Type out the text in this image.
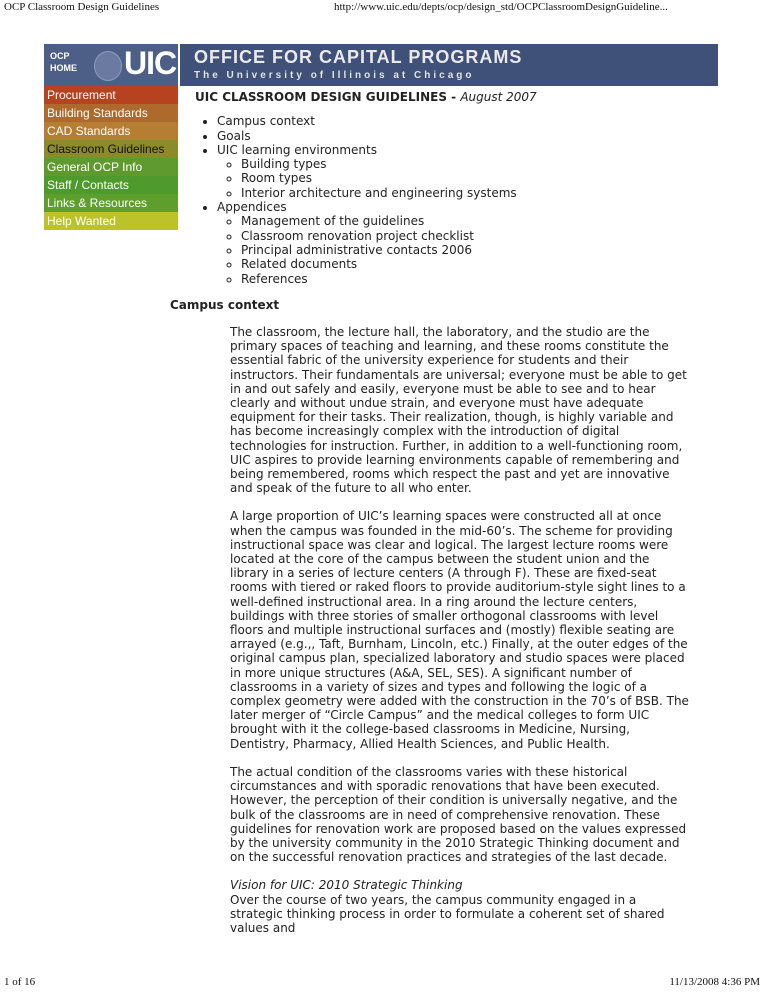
OCP Classroom Design Guidelines	http://www.uic.edu/depts/ocp/design_std/OCPClassroomDesignGuideline...
OCP
HOME UIC OFFICE FOR CAPITAL PROGRAMS
The University of Illinois at Chicago
Procurement
Building Standards
CAD Standards
Classroom Guidelines
General OCP Info
Staff / Contacts
Links & Resources
Help Wanted
UIC CLASSROOM DESIGN GUIDELINES - August 2007
• Campus context
• Goals
• UIC learning environments
◦ Building types
◦ Room types
◦ Interior architecture and engineering systems
• Appendices
◦ Management of the guidelines
◦ Classroom renovation project checklist
◦ Principal administrative contacts 2006
◦ Related documents
◦ References
Campus context

The classroom, the lecture hall, the laboratory, and the studio are the primary spaces of teaching and learning, and these rooms constitute the essential fabric of the university experience for students and their instructors. Their fundamentals are universal; everyone must be able to get in and out safely and easily, everyone must be able to see and to hear clearly and without undue strain, and everyone must have adequate equipment for their tasks. Their realization, though, is highly variable and has become increasingly complex with the introduction of digital technologies for instruction. Further, in addition to a well-functioning room, UIC aspires to provide learning environments capable of remembering and being remembered, rooms which respect the past and yet are innovative and speak of the future to all who enter.

A large proportion of UIC’s learning spaces were constructed all at once when the campus was founded in the mid-60’s. The scheme for providing instructional space was clear and logical. The largest lecture rooms were located at the core of the campus between the student union and the library in a series of lecture centers (A through F). These are fixed-seat rooms with tiered or raked floors to provide auditorium-style sight lines to a well-defined instructional area. In a ring around the lecture centers, buildings with three stories of smaller orthogonal classrooms with level floors and multiple instructional surfaces and (mostly) flexible seating are arrayed (e.g.,, Taft, Burnham, Lincoln, etc.) Finally, at the outer edges of the original campus plan, specialized laboratory and studio spaces were placed in more unique structures (A&A, SEL, SES). A significant number of classrooms in a variety of sizes and types and following the logic of a complex geometry were added with the construction in the 70’s of BSB. The later merger of “Circle Campus” and the medical colleges to form UIC brought with it the college-based classrooms in Medicine, Nursing, Dentistry, Pharmacy, Allied Health Sciences, and Public Health.

The actual condition of the classrooms varies with these historical circumstances and with sporadic renovations that have been executed. However, the perception of their condition is universally negative, and the bulk of the classrooms are in need of comprehensive renovation. These guidelines for renovation work are proposed based on the values expressed by the university community in the 2010 Strategic Thinking document and on the successful renovation practices and strategies of the last decade.

Vision for UIC: 2010 Strategic Thinking
Over the course of two years, the campus community engaged in a strategic thinking process in order to formulate a coherent set of shared values and

1 of 16	11/13/2008 4:36 PM
